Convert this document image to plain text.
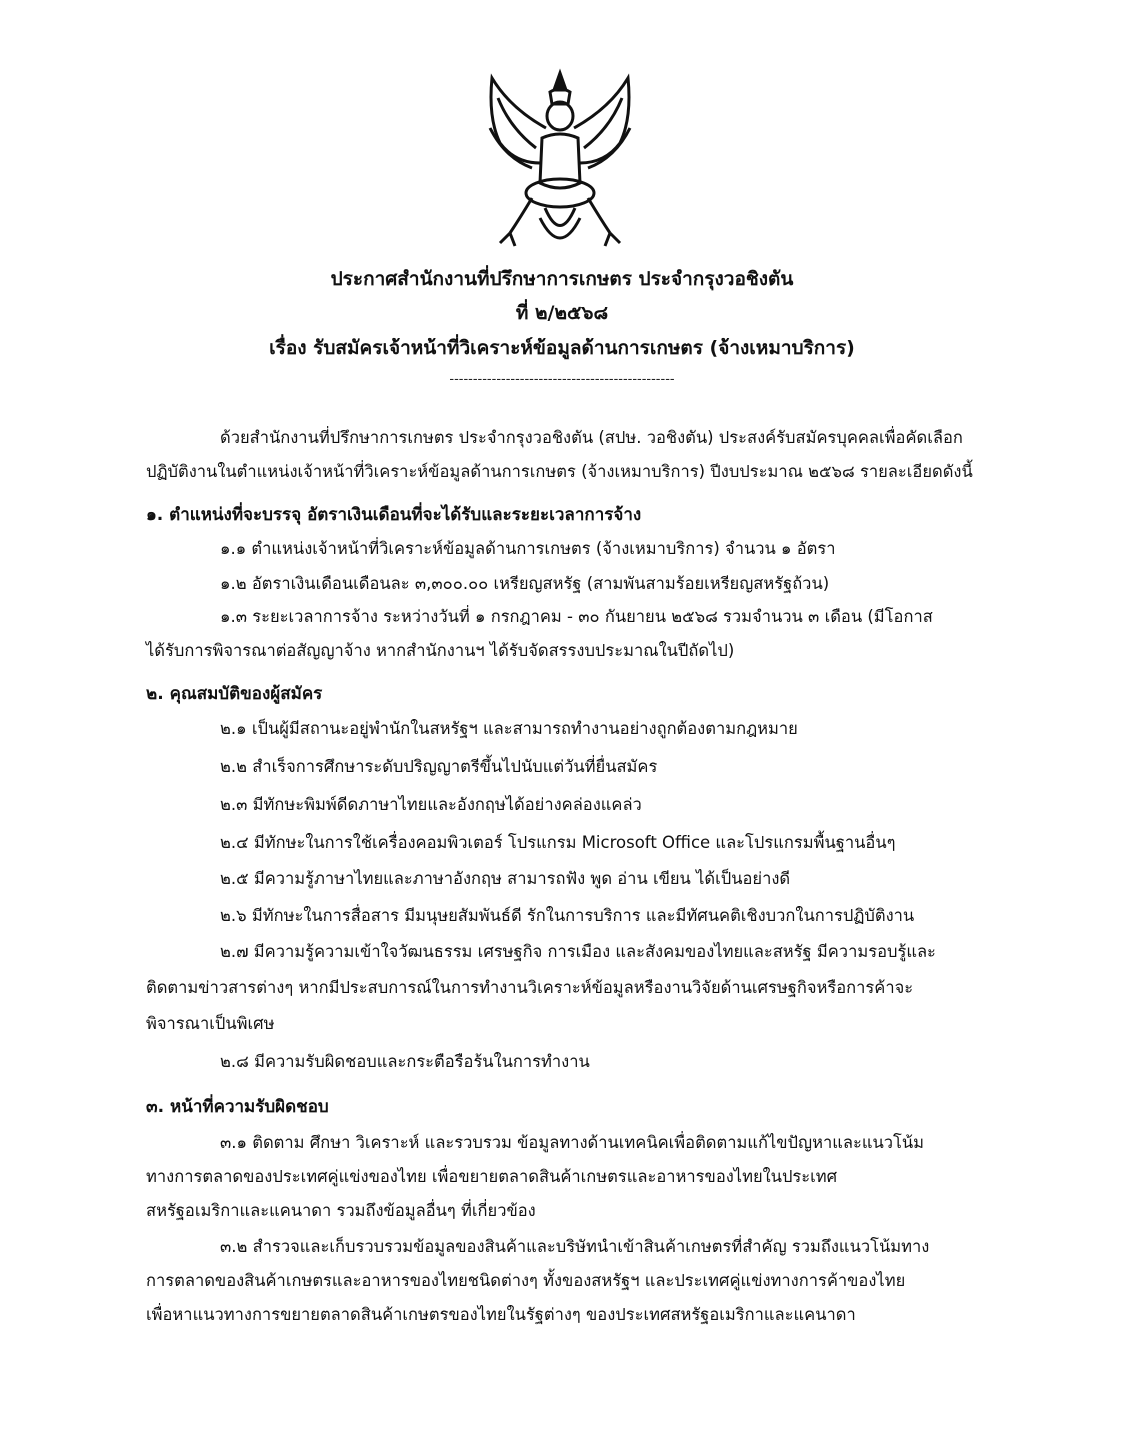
ประกาศสำนักงานที่ปรึกษาการเกษตร ประจำกรุงวอชิงตัน
ที่ ๒/๒๕๖๘
เรื่อง รับสมัครเจ้าหน้าที่วิเคราะห์ข้อมูลด้านการเกษตร (จ้างเหมาบริการ)
------------------------------------------------
ด้วยสำนักงานที่ปรึกษาการเกษตร ประจำกรุงวอชิงตัน (สปษ. วอชิงตัน) ประสงค์รับสมัครบุคคลเพื่อคัดเลือก
ปฏิบัติงานในตำแหน่งเจ้าหน้าที่วิเคราะห์ข้อมูลด้านการเกษตร (จ้างเหมาบริการ) ปีงบประมาณ ๒๕๖๘ รายละเอียดดังนี้
๑. ตำแหน่งที่จะบรรจุ อัตราเงินเดือนที่จะได้รับและระยะเวลาการจ้าง
๑.๑ ตำแหน่งเจ้าหน้าที่วิเคราะห์ข้อมูลด้านการเกษตร (จ้างเหมาบริการ) จำนวน ๑ อัตรา
๑.๒ อัตราเงินเดือนเดือนละ ๓,๓๐๐.๐๐ เหรียญสหรัฐ (สามพันสามร้อยเหรียญสหรัฐถ้วน)
๑.๓ ระยะเวลาการจ้าง ระหว่างวันที่ ๑ กรกฎาคม - ๓๐ กันยายน ๒๕๖๘ รวมจำนวน ๓ เดือน (มีโอกาส
ได้รับการพิจารณาต่อสัญญาจ้าง หากสำนักงานฯ ได้รับจัดสรรงบประมาณในปีถัดไป)
๒. คุณสมบัติของผู้สมัคร
๒.๑ เป็นผู้มีสถานะอยู่พำนักในสหรัฐฯ และสามารถทำงานอย่างถูกต้องตามกฎหมาย
๒.๒ สำเร็จการศึกษาระดับปริญญาตรีขึ้นไปนับแต่วันที่ยื่นสมัคร
๒.๓ มีทักษะพิมพ์ดีดภาษาไทยและอังกฤษได้อย่างคล่องแคล่ว
๒.๔ มีทักษะในการใช้เครื่องคอมพิวเตอร์ โปรแกรม Microsoft Office และโปรแกรมพื้นฐานอื่นๆ
๒.๕ มีความรู้ภาษาไทยและภาษาอังกฤษ สามารถฟัง พูด อ่าน เขียน ได้เป็นอย่างดี
๒.๖ มีทักษะในการสื่อสาร มีมนุษยสัมพันธ์ดี รักในการบริการ และมีทัศนคติเชิงบวกในการปฏิบัติงาน
๒.๗ มีความรู้ความเข้าใจวัฒนธรรม เศรษฐกิจ การเมือง และสังคมของไทยและสหรัฐ มีความรอบรู้และ
ติดตามข่าวสารต่างๆ หากมีประสบการณ์ในการทำงานวิเคราะห์ข้อมูลหรืองานวิจัยด้านเศรษฐกิจหรือการค้าจะ
พิจารณาเป็นพิเศษ
๒.๘ มีความรับผิดชอบและกระตือรือร้นในการทำงาน
๓. หน้าที่ความรับผิดชอบ
๓.๑ ติดตาม ศึกษา วิเคราะห์ และรวบรวม ข้อมูลทางด้านเทคนิคเพื่อติดตามแก้ไขปัญหาและแนวโน้ม
ทางการตลาดของประเทศคู่แข่งของไทย เพื่อขยายตลาดสินค้าเกษตรและอาหารของไทยในประเทศ
สหรัฐอเมริกาและแคนาดา รวมถึงข้อมูลอื่นๆ ที่เกี่ยวข้อง
๓.๒ สำรวจและเก็บรวบรวมข้อมูลของสินค้าและบริษัทนำเข้าสินค้าเกษตรที่สำคัญ รวมถึงแนวโน้มทาง
การตลาดของสินค้าเกษตรและอาหารของไทยชนิดต่างๆ ทั้งของสหรัฐฯ และประเทศคู่แข่งทางการค้าของไทย
เพื่อหาแนวทางการขยายตลาดสินค้าเกษตรของไทยในรัฐต่างๆ ของประเทศสหรัฐอเมริกาและแคนาดา
